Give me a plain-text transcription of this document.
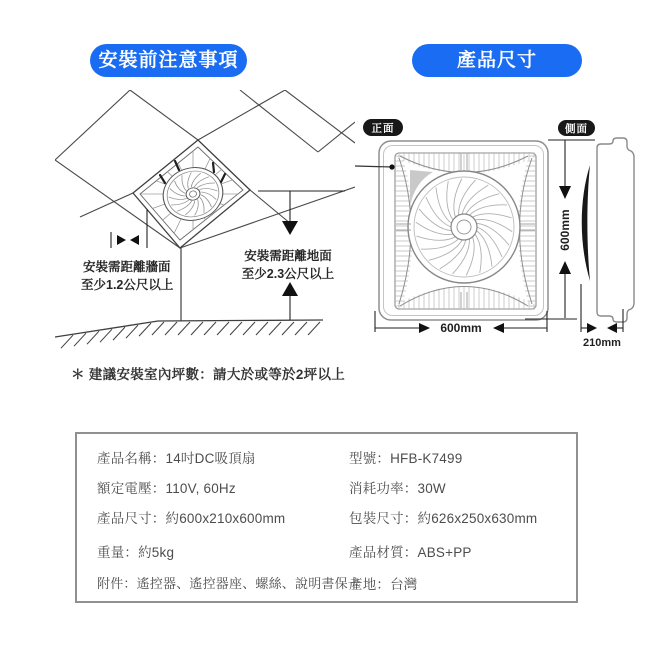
安裝前注意事項	產品尺寸
安裝需距離牆面
至少1.2公尺以上
安裝需距離地面
至少2.3公尺以上
正面	側面
600mm
600mm
210mm
＊ 建議安裝室內坪數：請大於或等於2坪以上
產品名稱：14吋DC吸頂扇	型號：HFB-K7499
額定電壓：110V, 60Hz	消耗功率：30W
產品尺寸：約600x210x600mm	包裝尺寸：約626x250x630mm
重量：約5kg	產品材質：ABS+PP
附件：遙控器、遙控器座、螺絲、說明書保卡
產地：台灣
